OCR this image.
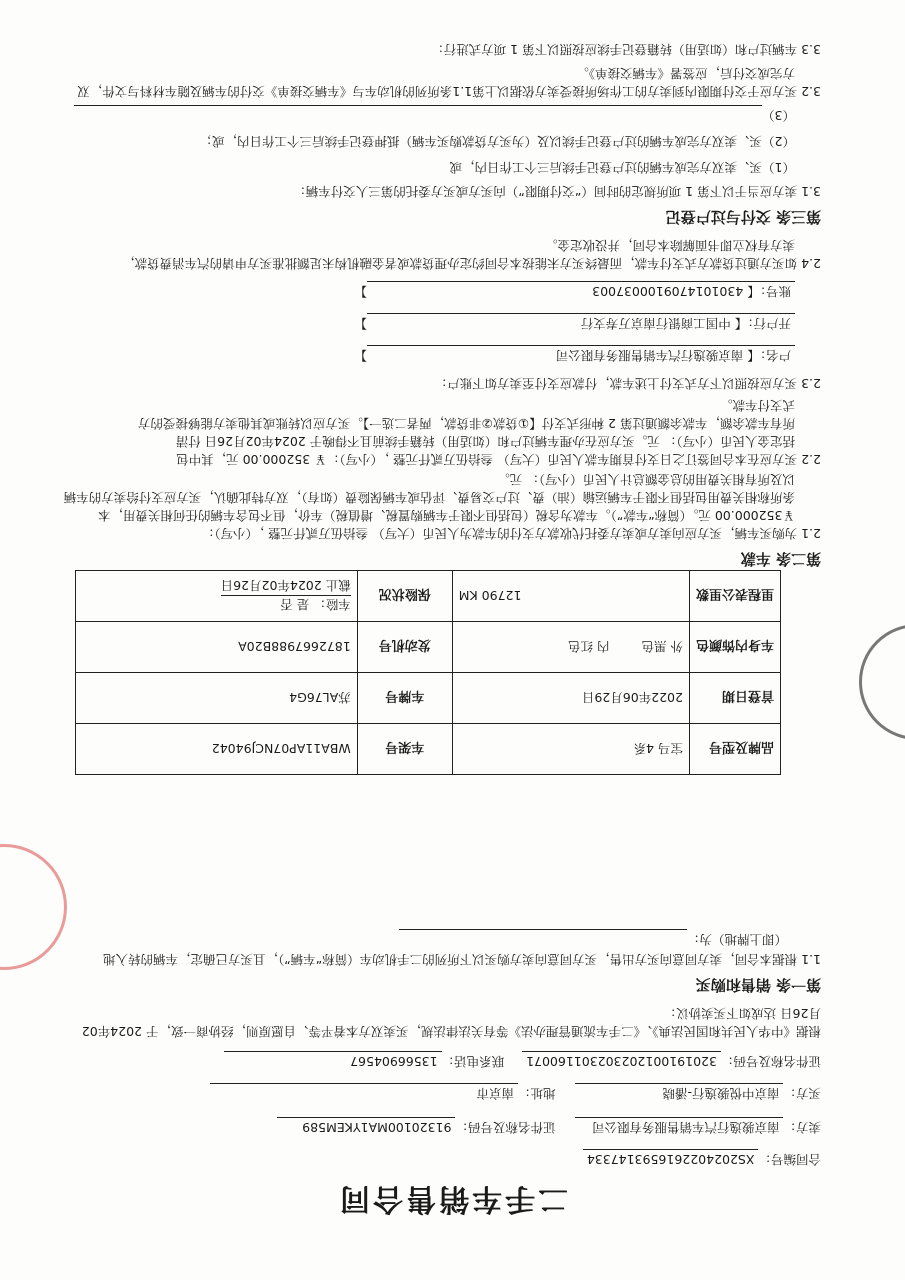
二手车销售合同
合同编号：XS2024022616593147334
卖方：南京骏逸行汽车销售服务有限公司 证件名称及号码：91320100MA1YKEM589
买方：南京中悦骏逸行-潘晓 地址：南京市
证件名称及号码：320191001202302301160071 联系电话：13566904567
根据《中华人民共和国民法典》、《二手车流通管理办法》等有关法律法规，买卖双方本着平等、自愿原则，经协商一致，于 2024年02
月26日 达成如下买卖协议：
第一条 销售和购买
1.1 根据本合同，卖方同意向买方出售，买方同意向卖方购买以下所列的二手机动车（简称“车辆”），且买方已确定，车辆的转入地
（即上牌地）为：
品牌及型号	宝马 4系	车架号	WBA11AP07NCJ94042
首登日期	2022年06月29日	车牌号	苏AL76G4
车身内饰颜色	外 黑色 内 红色	发动机号	1872667988B20A
里程表公里数	12790 KM	保险状况	车险： 是 否
截止 2024年02月26日
第二条 车款
2.1 为购买车辆，买方应向卖方或卖方委托代收款方支付的车款为人民币（大写） 叁拾伍万贰仟元整 ，（小写）：
￥352000.00 元。（简称“车款”）。车款为含税（包括但不限于车辆购置税、增值税）车价，但不包含车辆的任何相关费用，本
条所称相关费用包括但不限于车辆运输（油）费、过户交易费、评估或车辆保险费（如有），双方特此确认，买方应支付给卖方的车辆
以及所有相关费用的总金额总计人民币（小写）： 元。
2.2 买方应在本合同签订之日支付首期车款人民币（大写） 叁拾伍万贰仟元整 ，（小写）：￥ 352000.00 元，其中包
括定金人民币（小写）： 元。买方应在办理车辆过户和（如适用）转籍手续前且不得晚于 2024年02月26日 付清
所有车款余额，车款余额通过第 2 种形式支付【①贷款②非贷款，两者二选一】。买方应以转账或其他卖方能够接受的方
式支付车款。
2.3 买方应按照以下方式支付上述车款，付款应支付至卖方如下账户：
户名：【 南京骏逸行汽车销售服务有限公司】
开户行：【 中国工商银行南京万寿支行】
账号：【 4301014709100037003】
2.4 如买方通过贷款方式支付车款，而最终买方未能按本合同约定办理贷款或者金融机构未足额批准买方申请的汽车消费贷款，
卖方有权立即书面解除本合同，并没收定金。
第三条 交付与过户登记
3.1 卖方应当于以下第 1 项所规定的时间（“交付期限”）向买方或买方委托的第三人交付车辆：
（1）买、卖双方完成车辆的过户登记手续后三个工作日内，或
（2）买、卖双方完成车辆的过户登记手续以及（为买方贷款购买车辆）抵押登记手续后三个工作日内，或；
（3）
3.2 买方应于交付期限内到卖方的工作场所接受卖方依据以上第1.1条所列的机动车与《车辆交接单》交付的车辆及随车材料与文件，双
方完成交付后，应签署《车辆交接单》。
3.3 车辆过户和（如适用）转籍登记手续应按照以下第 1 项方式进行：
